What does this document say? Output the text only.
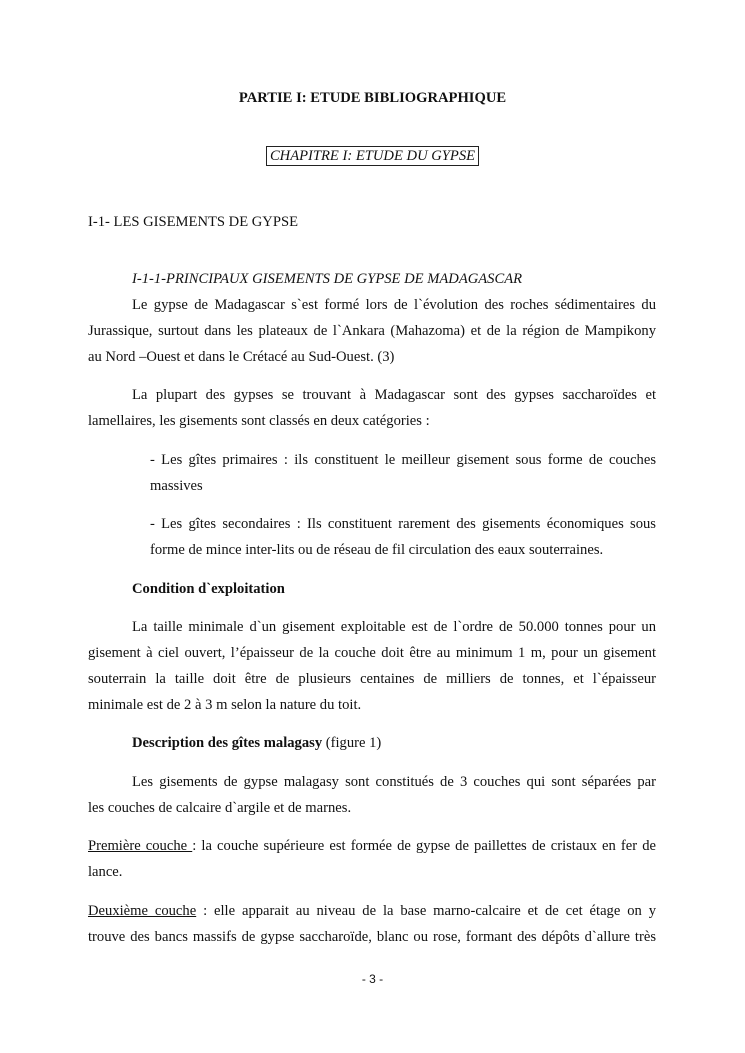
PARTIE I: ETUDE BIBLIOGRAPHIQUE
CHAPITRE I: ETUDE DU GYPSE
I-1- LES GISEMENTS DE GYPSE
I-1-1-PRINCIPAUX GISEMENTS DE GYPSE DE MADAGASCAR
Le gypse de Madagascar s`est formé lors de l`évolution des roches sédimentaires du
Jurassique, surtout dans les plateaux de l`Ankara (Mahazoma) et de la région de Mampikony
au Nord –Ouest et dans le Crétacé au Sud-Ouest. (3)
La plupart des gypses se trouvant à Madagascar sont des gypses saccharoïdes et
lamellaires, les gisements sont classés en deux catégories :
- Les gîtes primaires : ils constituent le meilleur gisement sous forme de couches
massives
- Les gîtes secondaires : Ils constituent rarement des gisements économiques sous
forme de mince inter-lits ou de réseau de fil circulation des eaux souterraines.
Condition d`exploitation
La taille minimale d`un gisement exploitable est de l`ordre de 50.000 tonnes pour un
gisement à ciel ouvert, l’épaisseur de la couche doit être au minimum 1 m, pour un gisement
souterrain la taille doit être de plusieurs centaines de milliers de tonnes, et l`épaisseur
minimale est de 2 à 3 m selon la nature du toit.
Description des gîtes malagasy (figure 1)
Les gisements de gypse malagasy sont constitués de 3 couches qui sont séparées par
les couches de calcaire d`argile et de marnes.
Première couche : la couche supérieure est formée de gypse de paillettes de cristaux en fer de
lance.
Deuxième couche : elle apparait au niveau de la base marno-calcaire et de cet étage on y
trouve des bancs massifs de gypse saccharoïde, blanc ou rose, formant des dépôts d`allure très
- 3 -
